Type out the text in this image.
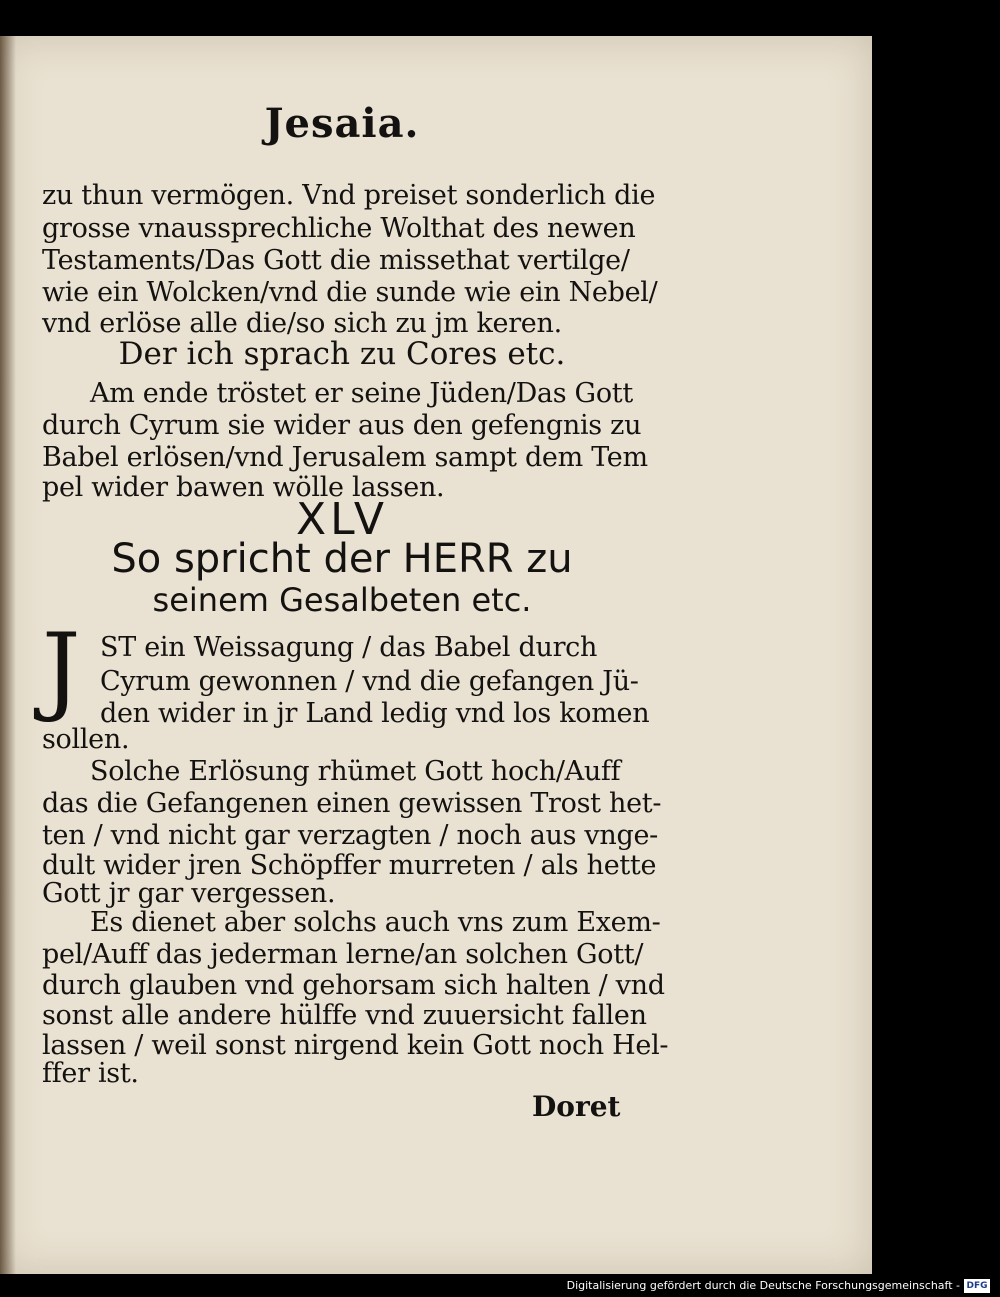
Jesaia.
zu thun vermögen. Vnd preiset sonderlich die
grosse vnaussprechliche Wolthat des newen
Testaments/Das Gott die missethat vertilge/
wie ein Wolcken/vnd die sunde wie ein Nebel/
vnd erlöse alle die/so sich zu jm keren.
Der ich sprach zu Cores etc.
Am ende tröstet er seine Jüden/Das Gott
durch Cyrum sie wider aus den gefengnis zu
Babel erlösen/vnd Jerusalem sampt dem Tem
pel wider bawen wölle lassen.
XLV
So spricht der HERR zu
seinem Gesalbeten etc.
J ST ein Weissagung / das Babel durch
Cyrum gewonnen / vnd die gefangen Jü-
den wider in jr Land ledig vnd los komen
sollen.
Solche Erlösung rhümet Gott hoch/Auff
das die Gefangenen einen gewissen Trost het-
ten / vnd nicht gar verzagten / noch aus vnge-
dult wider jren Schöpffer murreten / als hette
Gott jr gar vergessen.
Es dienet aber solchs auch vns zum Exem-
pel/Auff das jederman lerne/an solchen Gott/
durch glauben vnd gehorsam sich halten / vnd
sonst alle andere hülffe vnd zuuersicht fallen
lassen / weil sonst nirgend kein Gott noch Hel-
ffer ist.
Doret
Digitalisierung gefördert durch die Deutsche Forschungsgemeinschaft - DFG
